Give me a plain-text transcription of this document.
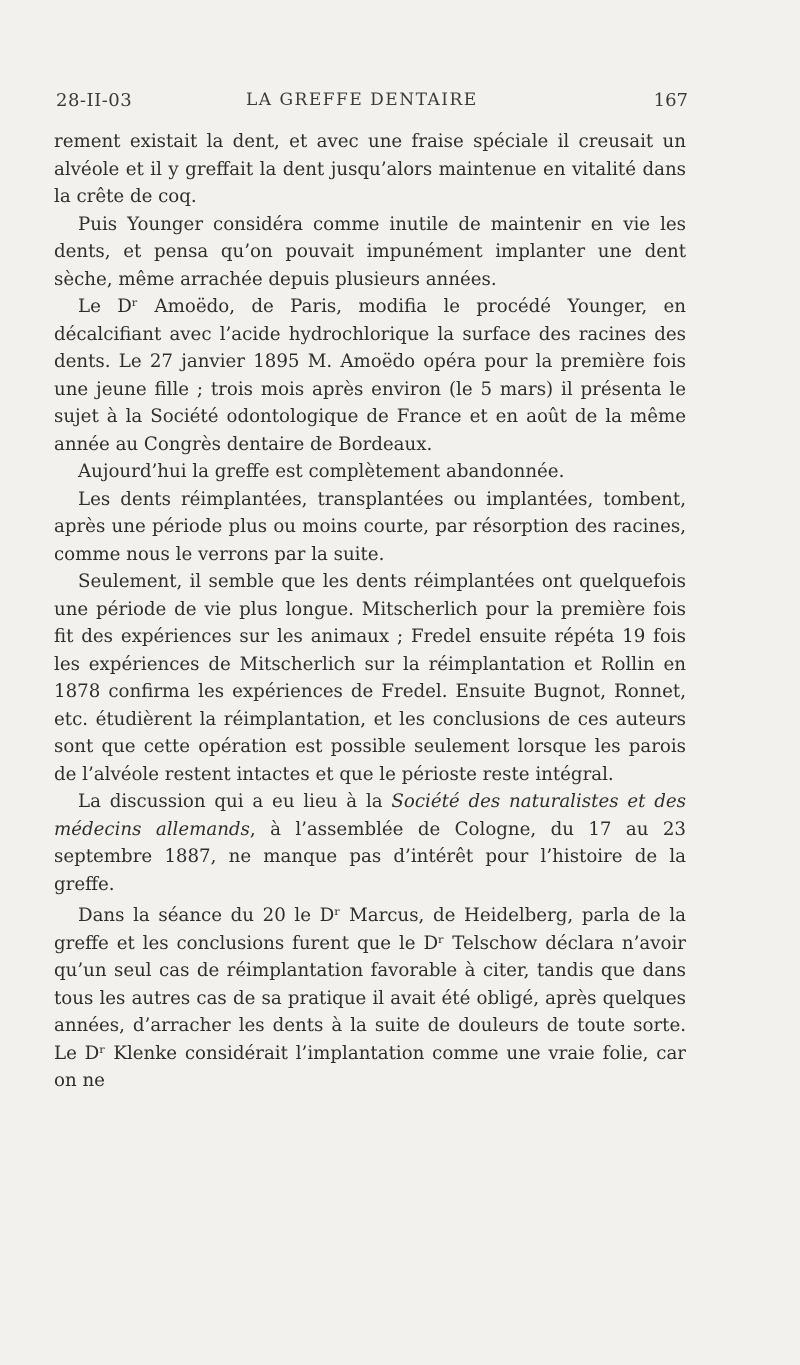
28-II-03	LA GREFFE DENTAIRE	167

rement existait la dent, et avec une fraise spéciale il creusait un alvéole et il y greffait la dent jusqu’alors maintenue en vitalité dans la crête de coq.

Puis Younger considéra comme inutile de maintenir en vie les dents, et pensa qu’on pouvait impunément implanter une dent sèche, même arrachée depuis plusieurs années.

Le Dʳ Amoëdo, de Paris, modifia le procédé Younger, en décalcifiant avec l’acide hydrochlorique la surface des racines des dents. Le 27 janvier 1895 M. Amoëdo opéra pour la première fois une jeune fille ; trois mois après environ (le 5 mars) il présenta le sujet à la Société odontologique de France et en août de la même année au Congrès dentaire de Bordeaux.

Aujourd’hui la greffe est complètement abandonnée.

Les dents réimplantées, transplantées ou implantées, tombent, après une période plus ou moins courte, par résorption des racines, comme nous le verrons par la suite.

Seulement, il semble que les dents réimplantées ont quelquefois une période de vie plus longue. Mitscherlich pour la première fois fit des expériences sur les animaux ; Fredel ensuite répéta 19 fois les expériences de Mitscherlich sur la réimplantation et Rollin en 1878 confirma les expériences de Fredel. Ensuite Bugnot, Ronnet, etc. étudièrent la réimplantation, et les conclusions de ces auteurs sont que cette opération est possible seulement lorsque les parois de l’alvéole restent intactes et que le périoste reste intégral.

La discussion qui a eu lieu à la Société des naturalistes et des médecins allemands, à l’assemblée de Cologne, du 17 au 23 septembre 1887, ne manque pas d’intérêt pour l’histoire de la greffe.

Dans la séance du 20 le Dʳ Marcus, de Heidelberg, parla de la greffe et les conclusions furent que le Dʳ Telschow déclara n’avoir qu’un seul cas de réimplantation favorable à citer, tandis que dans tous les autres cas de sa pratique il avait été obligé, après quelques années, d’arracher les dents à la suite de douleurs de toute sorte. Le Dʳ Klenke considérait l’implantation comme une vraie folie, car on ne
